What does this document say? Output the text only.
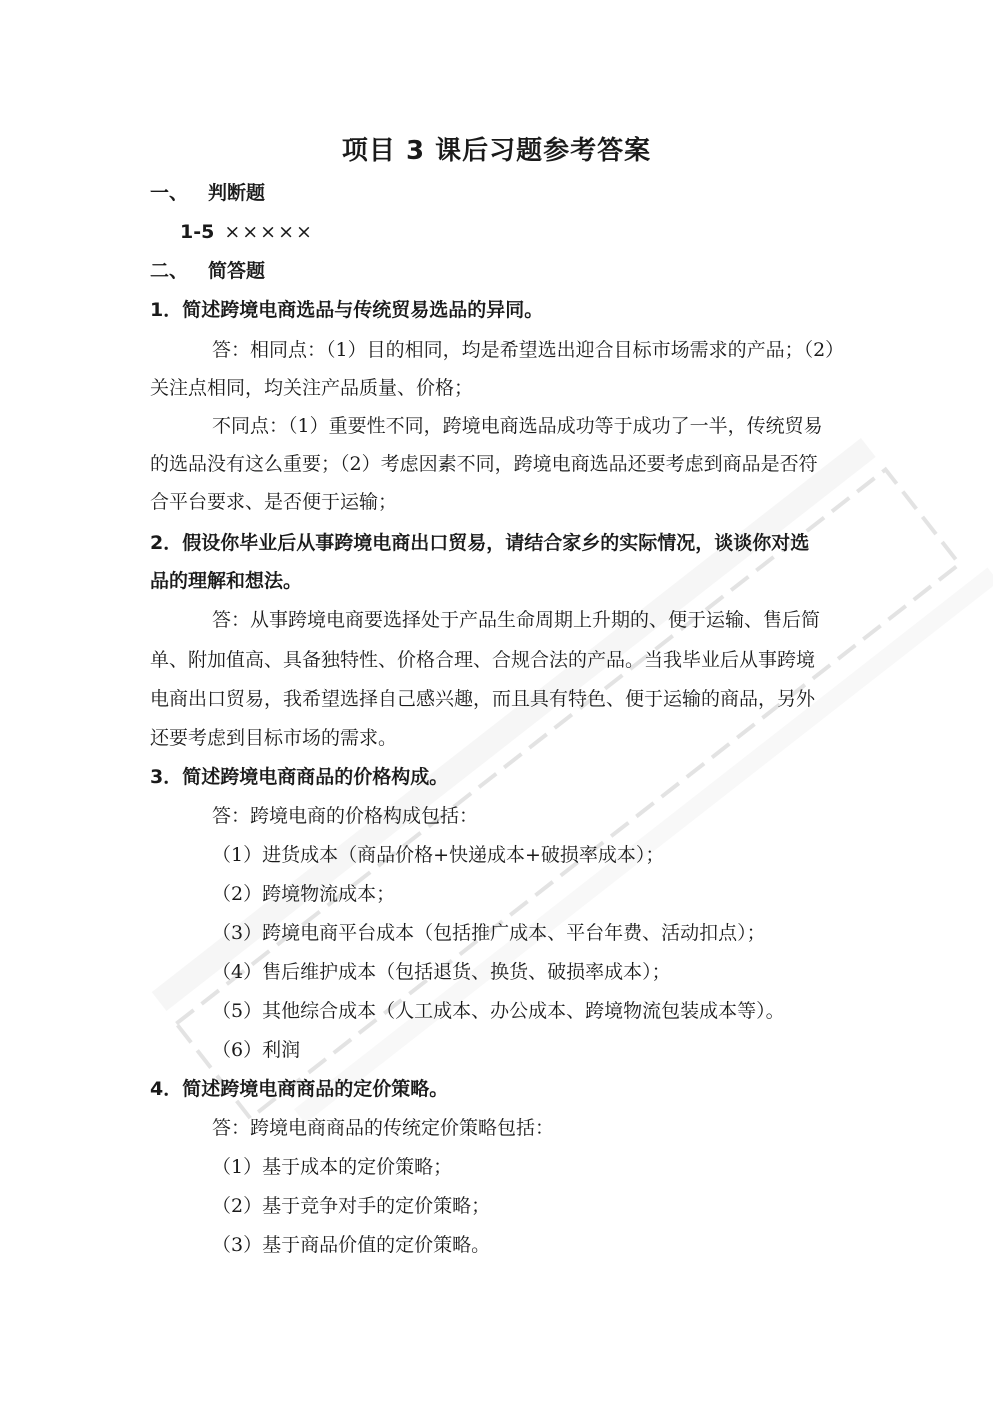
项目 3 课后习题参考答案
一、 判断题
1-5 ×××××
二、 简答题
1．简述跨境电商选品与传统贸易选品的异同。
答：相同点：（1）目的相同，均是希望选出迎合目标市场需求的产品；（2）
关注点相同，均关注产品质量、价格；
不同点：（1）重要性不同，跨境电商选品成功等于成功了一半，传统贸易
的选品没有这么重要；（2）考虑因素不同，跨境电商选品还要考虑到商品是否符
合平台要求、是否便于运输；
2．假设你毕业后从事跨境电商出口贸易，请结合家乡的实际情况，谈谈你对选
品的理解和想法。
答：从事跨境电商要选择处于产品生命周期上升期的、便于运输、售后简
单、附加值高、具备独特性、价格合理、合规合法的产品。当我毕业后从事跨境
电商出口贸易，我希望选择自己感兴趣，而且具有特色、便于运输的商品，另外
还要考虑到目标市场的需求。
3．简述跨境电商商品的价格构成。
答：跨境电商的价格构成包括：
（1）进货成本（商品价格+快递成本+破损率成本）；
（2）跨境物流成本；
（3）跨境电商平台成本（包括推广成本、平台年费、活动扣点）；
（4）售后维护成本（包括退货、换货、破损率成本）；
（5）其他综合成本（人工成本、办公成本、跨境物流包装成本等）。
（6）利润
4．简述跨境电商商品的定价策略。
答：跨境电商商品的传统定价策略包括：
（1）基于成本的定价策略；
（2）基于竞争对手的定价策略；
（3）基于商品价值的定价策略。
